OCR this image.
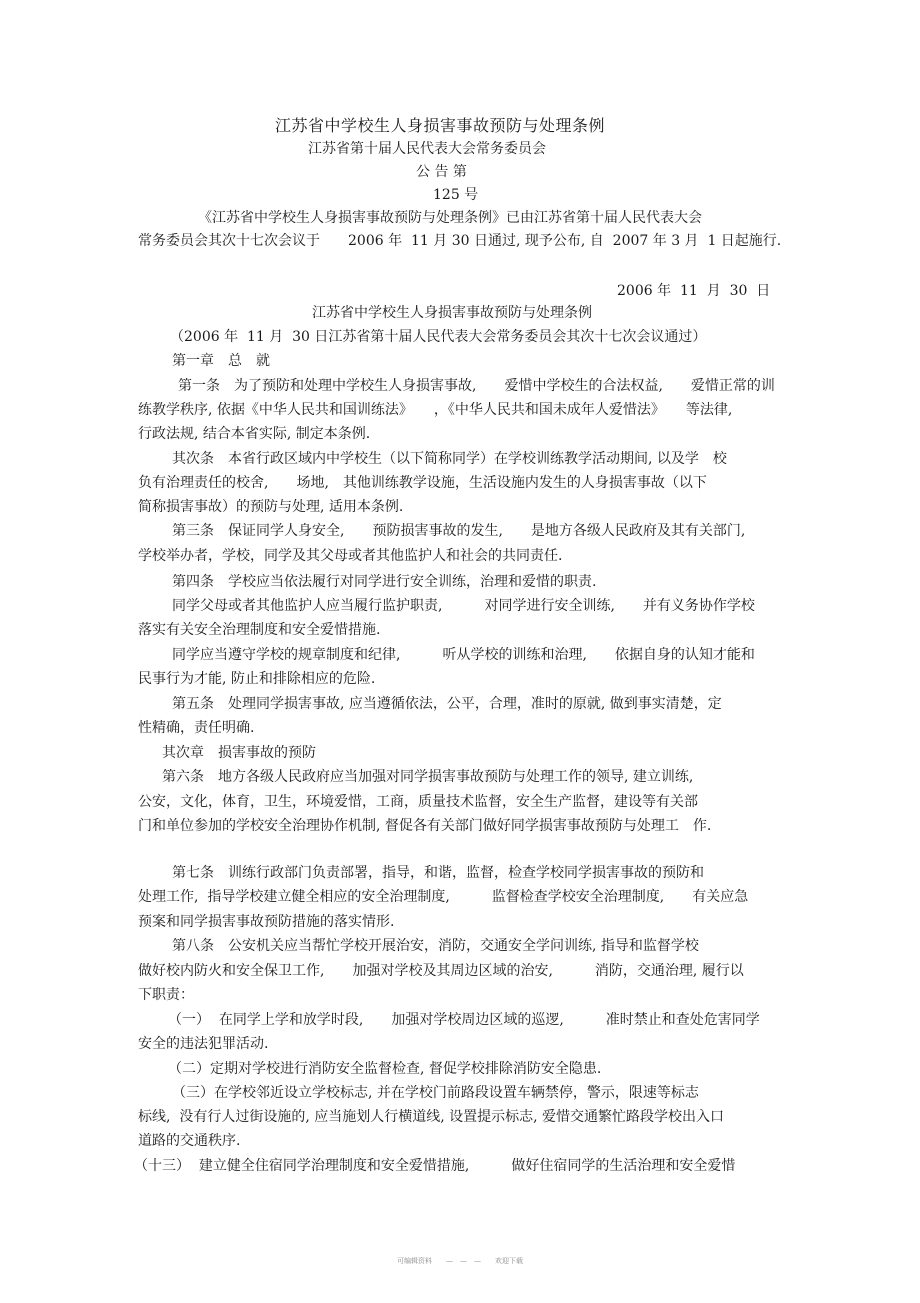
江苏省中学校生人身损害事故预防与处理条例
江苏省第十届人民代表大会常务委员会
公 告 第
125 号
《江苏省中学校生人身损害事故预防与处理条例》已由江苏省第十届人民代表大会
常务委员会其次十七次会议于　　2006 年  11 月 30 日通过, 现予公布, 自  2007 年 3 月  1 日起施行.
2006 年  11  月  30  日
江苏省中学校生人身损害事故预防与处理条例
（2006 年  11 月  30 日江苏省第十届人民代表大会常务委员会其次十七次会议通过）
第一章　总　就
第一条　为了预防和处理中学校生人身损害事故,　　爱惜中学校生的合法权益,　　爱惜正常的训
练教学秩序, 依据《中华人民共和国训练法》　　，《中华人民共和国未成年人爱惜法》　　等法律,
行政法规, 结合本省实际, 制定本条例.
其次条　本省行政区域内中学校生（以下简称同学）在学校训练教学活动期间, 以及学　校
负有治理责任的校舍,　　场地,　其他训练教学设施，生活设施内发生的人身损害事故（以下
简称损害事故）的预防与处理, 适用本条例.
第三条　保证同学人身安全,　　预防损害事故的发生,　　是地方各级人民政府及其有关部门,
学校举办者，学校，同学及其父母或者其他监护人和社会的共同责任.
第四条　学校应当依法履行对同学进行安全训练，治理和爱惜的职责.
同学父母或者其他监护人应当履行监护职责,　　　对同学进行安全训练,　　并有义务协作学校
落实有关安全治理制度和安全爱惜措施.
同学应当遵守学校的规章制度和纪律,　　　听从学校的训练和治理,　　依据自身的认知才能和
民事行为才能, 防止和排除相应的危险.
第五条　处理同学损害事故, 应当遵循依法，公平，合理，准时的原就, 做到事实清楚，定
性精确，责任明确.
其次章　损害事故的预防
第六条　地方各级人民政府应当加强对同学损害事故预防与处理工作的领导, 建立训练,
公安，文化，体育，卫生，环境爱惜，工商，质量技术监督，安全生产监督，建设等有关部
门和单位参加的学校安全治理协作机制, 督促各有关部门做好同学损害事故预防与处理工　作.
第七条　训练行政部门负责部署，指导，和谐，监督，检查学校同学损害事故的预防和
处理工作,  指导学校建立健全相应的安全治理制度,　　　监督检查学校安全治理制度,　　有关应急
预案和同学损害事故预防措施的落实情形.
第八条　公安机关应当帮忙学校开展治安，消防，交通安全学问训练, 指导和监督学校
做好校内防火和安全保卫工作,　　加强对学校及其周边区域的治安,　　　消防，交通治理, 履行以
下职责：
（一）  在同学上学和放学时段,　　加强对学校周边区域的巡逻,　　　准时禁止和查处危害同学
安全的违法犯罪活动.
（二）定期对学校进行消防安全监督检查, 督促学校排除消防安全隐患.
（三）在学校邻近设立学校标志, 并在学校门前路段设置车辆禁停，警示，限速等标志
标线,  没有行人过街设施的, 应当施划人行横道线, 设置提示标志, 爱惜交通繁忙路段学校出入口
道路的交通秩序.
（十三）  建立健全住宿同学治理制度和安全爱惜措施,　　　做好住宿同学的生活治理和安全爱惜
可编辑资料　　—　—　—　　欢迎下载
